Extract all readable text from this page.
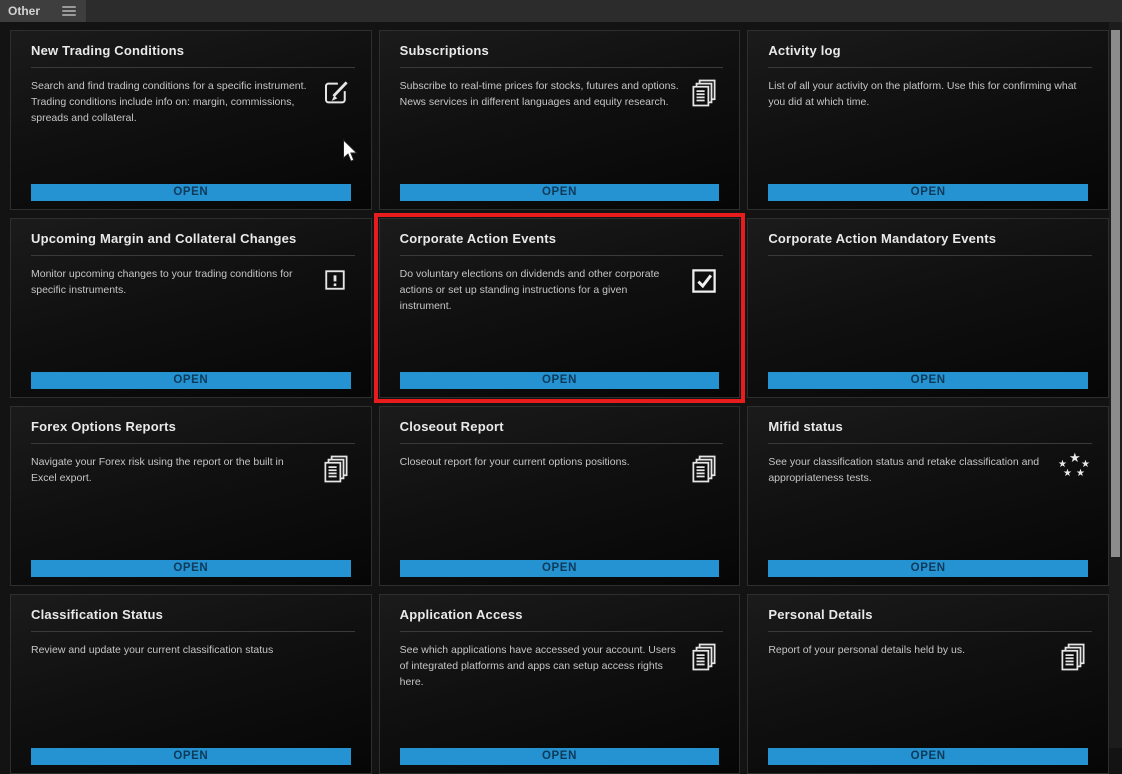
Other
New Trading Conditions
Search and find trading conditions for a specific instrument. Trading conditions include info on: margin, commissions, spreads and collateral.
OPEN
Subscriptions
Subscribe to real-time prices for stocks, futures and options. News services in different languages and equity research.
OPEN
Activity log
List of all your activity on the platform. Use this for confirming what you did at which time.
OPEN
Upcoming Margin and Collateral Changes
Monitor upcoming changes to your trading conditions for specific instruments.
OPEN
Corporate Action Events
Do voluntary elections on dividends and other corporate actions or set up standing instructions for a given instrument.
OPEN
Corporate Action Mandatory Events
OPEN
Forex Options Reports
Navigate your Forex risk using the report or the built in Excel export.
OPEN
Closeout Report
Closeout report for your current options positions.
OPEN
Mifid status
See your classification status and retake classification and appropriateness tests.
★
★ ★
★ ★
OPEN
Classification Status
Review and update your current classification status
OPEN
Application Access
See which applications have accessed your account. Users of integrated platforms and apps can setup access rights here.
OPEN
Personal Details
Report of your personal details held by us.
OPEN
